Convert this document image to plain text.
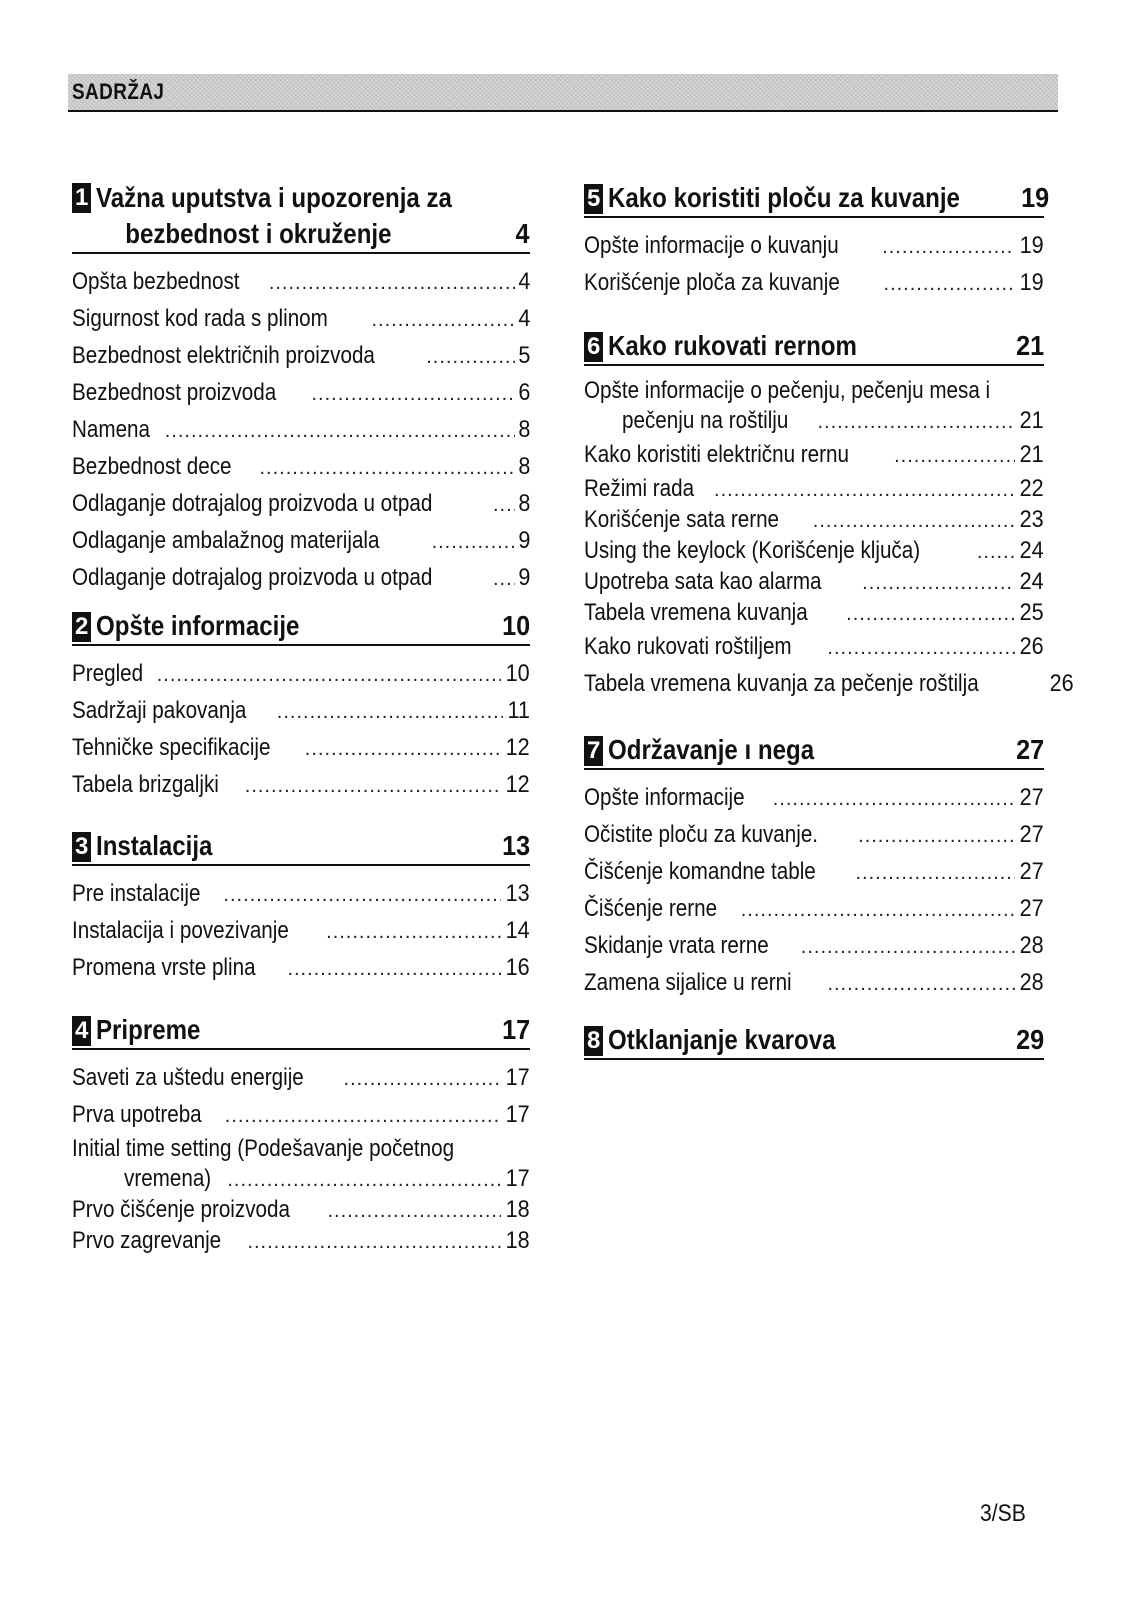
SADRŽAJ
1 Važna uputstva i upozorenja za
bezbednost i okruženje	4
Opšta bezbednost .....	4
Sigurnost kod rada s plinom .....	4
Bezbednost električnih proizvoda .....	5
Bezbednost proizvoda .....	6
Namena .....	8
Bezbednost dece .....	8
Odlaganje dotrajalog proizvoda u otpad .....	8
Odlaganje ambalažnog materijala .....	9
Odlaganje dotrajalog proizvoda u otpad .....	9
2 Opšte informacije	10
Pregled .....	10
Sadržaji pakovanja .....	11
Tehničke specifikacije .....	12
Tabela brizgaljki .....	12
3 Instalacija	13
Pre instalacije .....	13
Instalacija i povezivanje .....	14
Promena vrste plina .....	16
4 Pripreme	17
Saveti za uštedu energije .....	17
Prva upotreba .....	17
Initial time setting (Podešavanje početnog
vremena) .....	17
Prvo čišćenje proizvoda .....	18
Prvo zagrevanje .....	18
5 Kako koristiti ploču za kuvanje 19
Opšte informacije o kuvanju .....	19
Korišćenje ploča za kuvanje .....	19
6 Kako rukovati rernom	21
Opšte informacije o pečenju, pečenju mesa i
pečenju na roštilju .....	21
Kako koristiti električnu rernu .....	21
Režimi rada .....	22
Korišćenje sata rerne .....	23
Using the keylock (Korišćenje ključa) .....	24
Upotreba sata kao alarma .....	24
Tabela vremena kuvanja .....	25
Kako rukovati roštiljem .....	26
Tabela vremena kuvanja za pečenje roštilja	26
7 Održavanje ı nega	27
Opšte informacije .....	27
Očistite ploču za kuvanje. .....	27
Čišćenje komandne table .....	27
Čišćenje rerne .....	27
Skidanje vrata rerne .....	28
Zamena sijalice u rerni .....	28
8 Otklanjanje kvarova	29
3/SB
